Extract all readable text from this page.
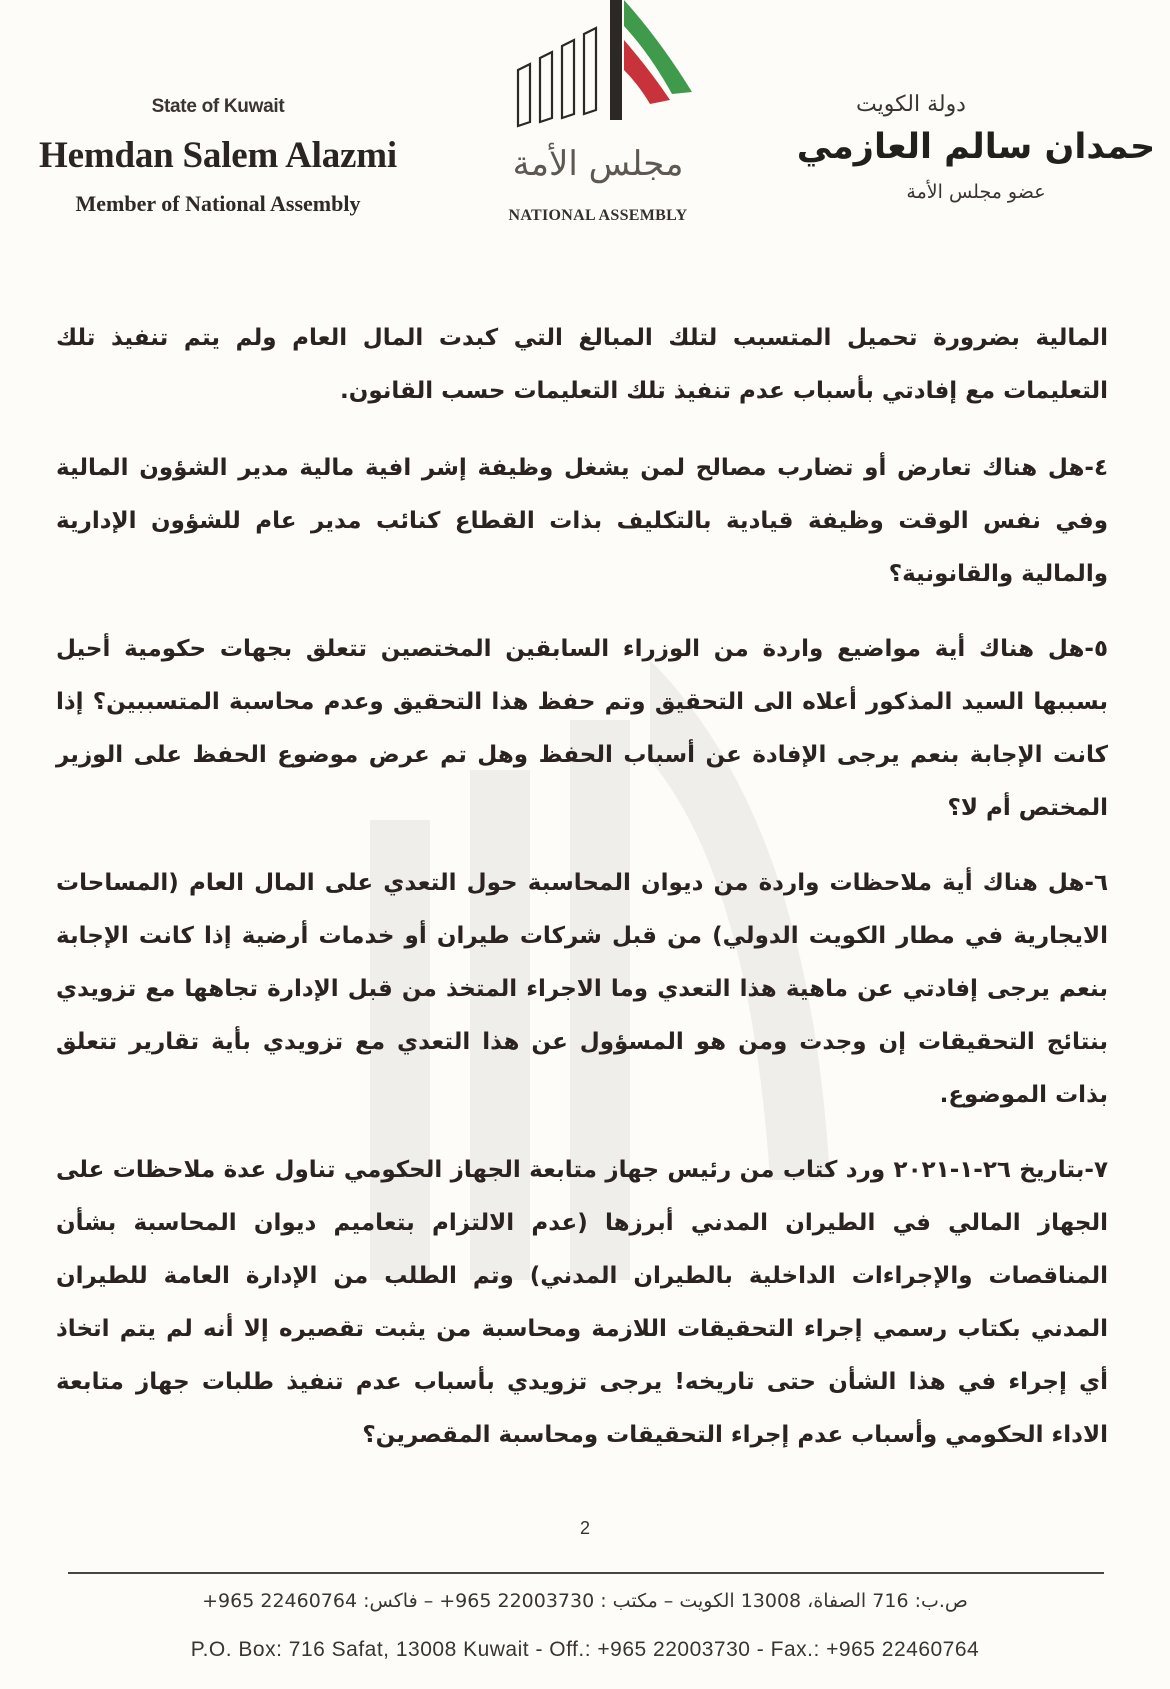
State of Kuwait
Hemdan Salem Alazmi
Member of National Assembly
مجلس الأمة
NATIONAL ASSEMBLY
دولة الكويت
حمدان سالم العازمي
عضو مجلس الأمة

المالية بضرورة تحميل المتسبب لتلك المبالغ التي كبدت المال العام ولم يتم تنفيذ تلك التعليمات مع إفادتي بأسباب عدم تنفيذ تلك التعليمات حسب القانون.

٤-هل هناك تعارض أو تضارب مصالح لمن يشغل وظيفة إشر افية مالية مدير الشؤون المالية وفي نفس الوقت وظيفة قيادية بالتكليف بذات القطاع كنائب مدير عام للشؤون الإدارية والمالية والقانونية؟

٥-هل هناك أية مواضيع واردة من الوزراء السابقين المختصين تتعلق بجهات حكومية أحيل بسببها السيد المذكور أعلاه الى التحقيق وتم حفظ هذا التحقيق وعدم محاسبة المتسببين؟ إذا كانت الإجابة بنعم يرجى الإفادة عن أسباب الحفظ وهل تم عرض موضوع الحفظ على الوزير المختص أم لا؟

٦-هل هناك أية ملاحظات واردة من ديوان المحاسبة حول التعدي على المال العام (المساحات الايجارية في مطار الكويت الدولي) من قبل شركات طيران أو خدمات أرضية إذا كانت الإجابة بنعم يرجى إفادتي عن ماهية هذا التعدي وما الاجراء المتخذ من قبل الإدارة تجاهها مع تزويدي بنتائج التحقيقات إن وجدت ومن هو المسؤول عن هذا التعدي مع تزويدي بأية تقارير تتعلق بذات الموضوع.

٧-بتاريخ ٢٦-١-٢٠٢١ ورد كتاب من رئيس جهاز متابعة الجهاز الحكومي تناول عدة ملاحظات على الجهاز المالي في الطيران المدني أبرزها (عدم الالتزام بتعاميم ديوان المحاسبة بشأن المناقصات والإجراءات الداخلية بالطيران المدني) وتم الطلب من الإدارة العامة للطيران المدني بكتاب رسمي إجراء التحقيقات اللازمة ومحاسبة من يثبت تقصيره إلا أنه لم يتم اتخاذ أي إجراء في هذا الشأن حتى تاريخه! يرجى تزويدي بأسباب عدم تنفيذ طلبات جهاز متابعة الاداء الحكومي وأسباب عدم إجراء التحقيقات ومحاسبة المقصرين؟

2
ص.ب: 716 الصفاة، 13008 الكويت – مكتب : 22003730 965+ – فاكس: 22460764 965+
P.O. Box: 716 Safat, 13008 Kuwait - Off.: +965 22003730 - Fax.: +965 22460764
